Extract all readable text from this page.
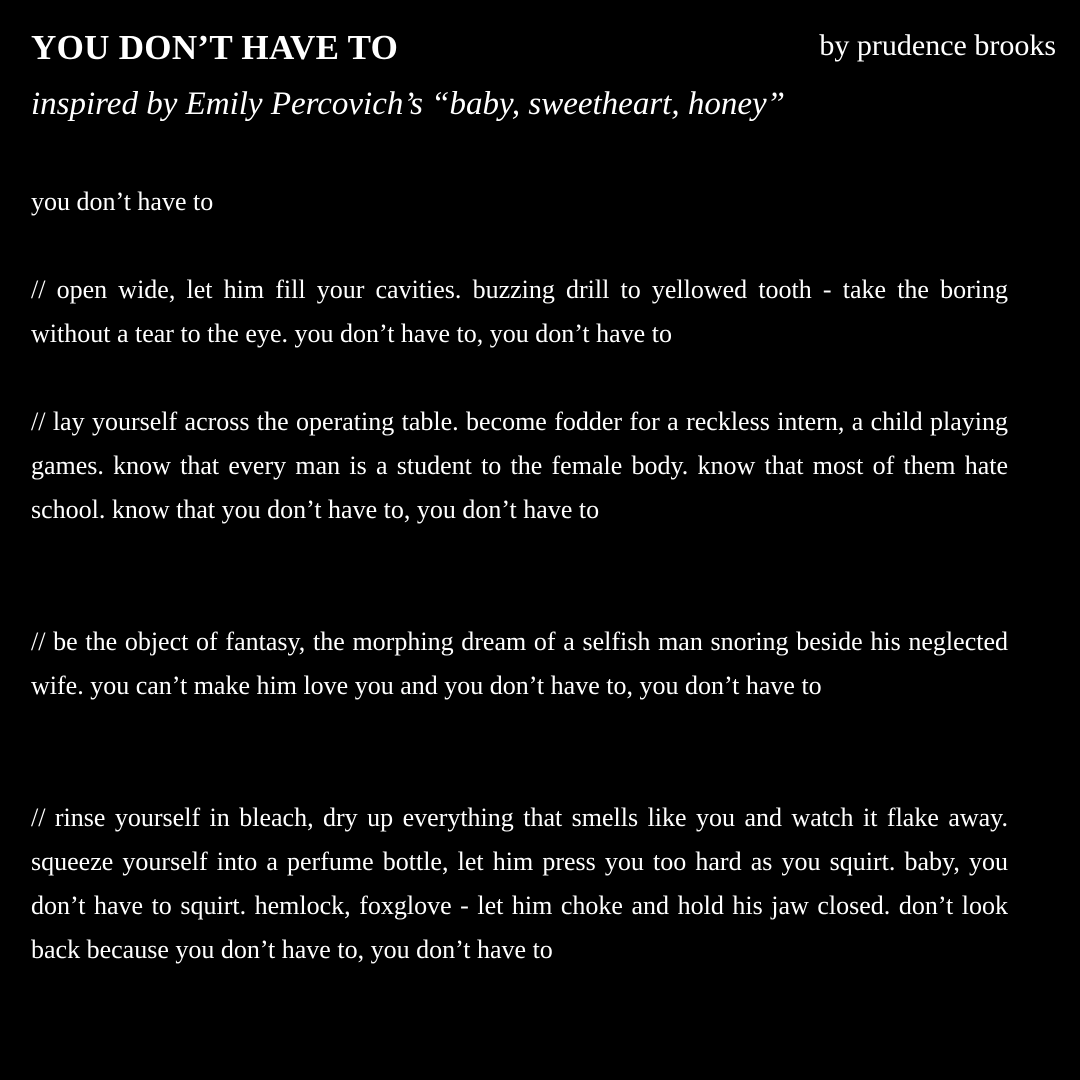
YOU DON’T HAVE TO	by prudence brooks
inspired by Emily Percovich’s “baby, sweetheart, honey”

you don’t have to

// open wide, let him fill your cavities. buzzing drill to yellowed tooth - take the boring without a tear to the eye. you don’t have to, you don’t have to

// lay yourself across the operating table. become fodder for a reckless intern, a child playing games. know that every man is a student to the female body. know that most of them hate school. know that you don’t have to, you don’t have to

// be the object of fantasy, the morphing dream of a selfish man snoring beside his neglected wife. you can’t make him love you and you don’t have to, you don’t have to

// rinse yourself in bleach, dry up everything that smells like you and watch it flake away. squeeze yourself into a perfume bottle, let him press you too hard as you squirt. baby, you don’t have to squirt. hemlock, foxglove - let him choke and hold his jaw closed. don’t look back because you don’t have to, you don’t have to
